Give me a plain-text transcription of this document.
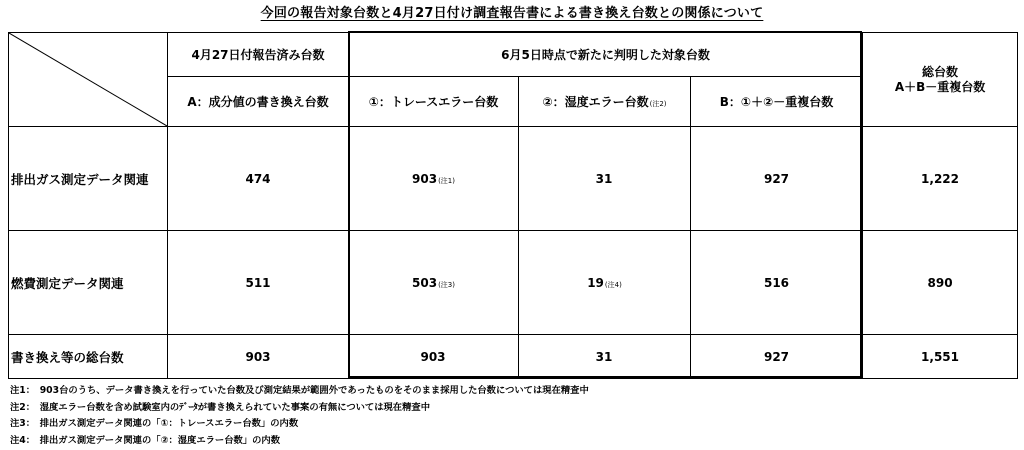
今回の報告対象台数と4月27日付け調査報告書による書き換え台数との関係について
	4月27日付報告済み台数	6月5日時点で新たに判明した対象台数			総台数
A＋B－重複台数
	A：成分値の書き換え台数	①：トレースエラー台数	②：湿度エラー台数(注2)	B：①＋②－重複台数	
排出ガス測定データ関連	474	903(注1)	31	927	1,222
燃費測定データ関連	511	503(注3)	19(注4)	516	890
書き換え等の総台数	903	903	31	927	1,551
注1：　903台のうち、データ書き換えを行っていた台数及び測定結果が範囲外であったものをそのまま採用した台数については現在精査中
注2：　湿度エラー台数を含め試験室内のﾃﾞｰﾀが書き換えられていた事案の有無については現在精査中
注3：　排出ガス測定データ関連の「①：トレースエラー台数」の内数
注4：　排出ガス測定データ関連の「②：湿度エラー台数」の内数
